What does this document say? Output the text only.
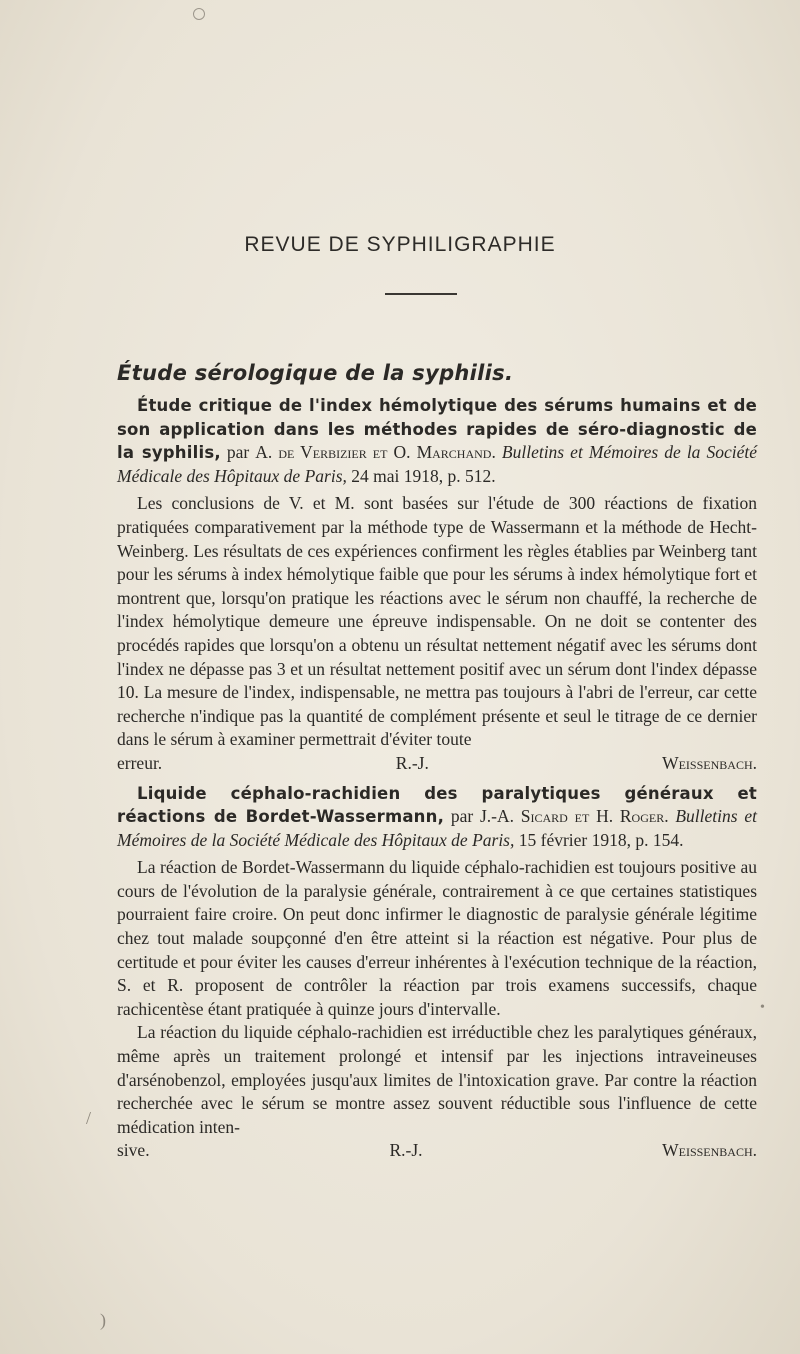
/
)
•
REVUE DE SYPHILIGRAPHIE
Étude sérologique de la syphilis.

Étude critique de l'index hémolytique des sérums humains et de son application dans les méthodes rapides de séro-diagnostic de la syphilis, par A. de Verbizier et O. Marchand. Bulletins et Mémoires de la Société Médicale des Hôpitaux de Paris, 24 mai 1918, p. 512.

Les conclusions de V. et M. sont basées sur l'étude de 300 réactions de fixation pratiquées comparativement par la méthode type de Wassermann et la méthode de Hecht-Weinberg. Les résultats de ces expériences confirment les règles établies par Weinberg tant pour les sérums à index hémolytique faible que pour les sérums à index hémolytique fort et montrent que, lorsqu'on pratique les réactions avec le sérum non chauffé, la recherche de l'index hémolytique demeure une épreuve indispensable. On ne doit se contenter des procédés rapides que lorsqu'on a obtenu un résultat nettement négatif avec les sérums dont l'index ne dépasse pas 3 et un résultat nettement positif avec un sérum dont l'index dépasse 10. La mesure de l'index, indispensable, ne mettra pas toujours à l'abri de l'erreur, car cette recherche n'indique pas la quantité de complément présente et seul le titrage de ce dernier dans le sérum à examiner permettrait d'éviter toute

erreur.	R.-J. Weissenbach.

Liquide céphalo-rachidien des paralytiques généraux et réactions de Bordet-Wassermann, par J.-A. Sicard et H. Roger. Bulletins et Mémoires de la Société Médicale des Hôpitaux de Paris, 15 février 1918, p. 154.

La réaction de Bordet-Wassermann du liquide céphalo-rachidien est toujours positive au cours de l'évolution de la paralysie générale, contrairement à ce que certaines statistiques pourraient faire croire. On peut donc infirmer le diagnostic de paralysie générale légitime chez tout malade soupçonné d'en être atteint si la réaction est négative. Pour plus de certitude et pour éviter les causes d'erreur inhérentes à l'exécution technique de la réaction, S. et R. proposent de contrôler la réaction par trois examens successifs, chaque rachicentèse étant pratiquée à quinze jours d'intervalle.

La réaction du liquide céphalo-rachidien est irréductible chez les paralytiques généraux, même après un traitement prolongé et intensif par les injections intraveineuses d'arsénobenzol, employées jusqu'aux limites de l'intoxication grave. Par contre la réaction recherchée avec le sérum se montre assez souvent réductible sous l'influence de cette médication inten-

sive.	R.-J. Weissenbach.
